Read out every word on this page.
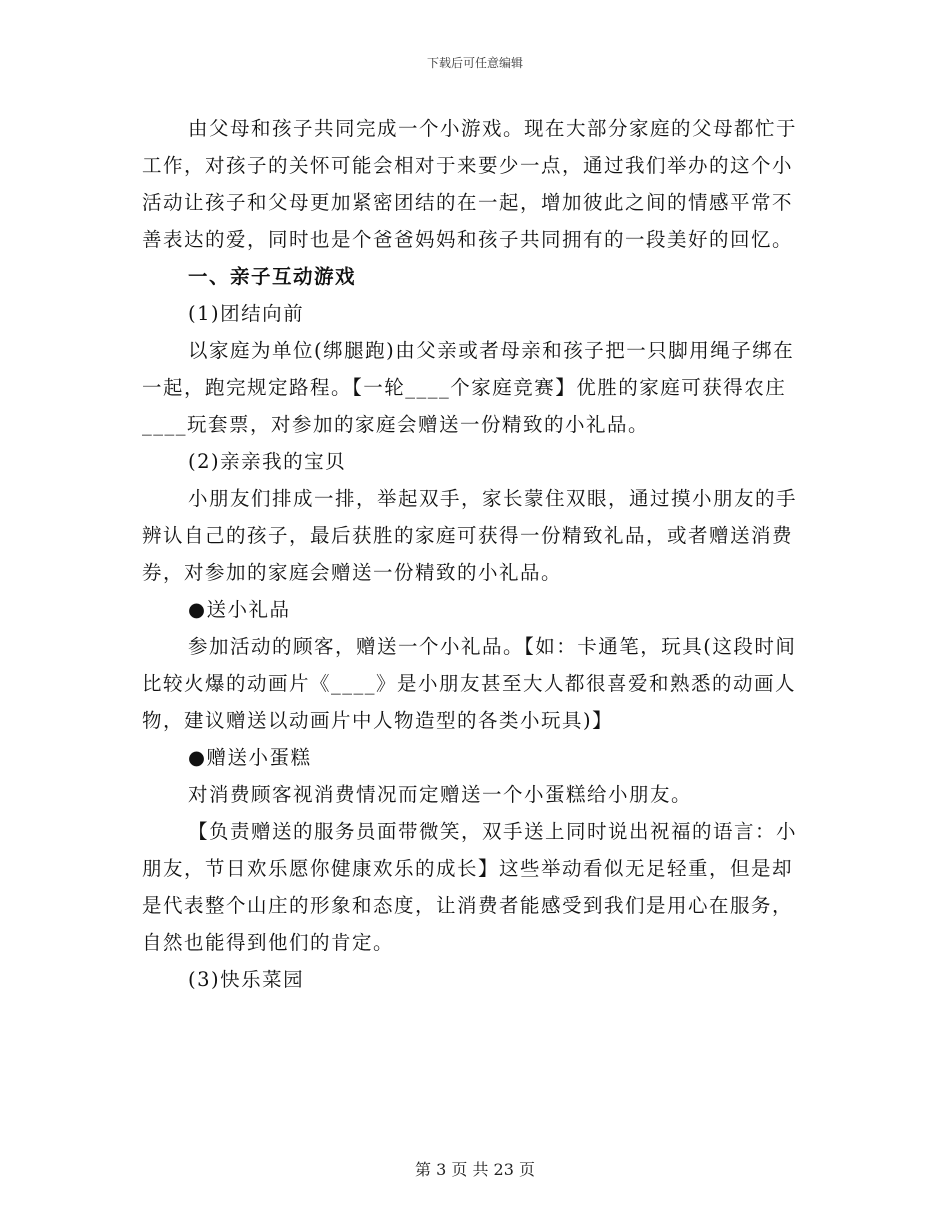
下载后可任意编辑

由父母和孩子共同完成一个小游戏。现在大部分家庭的父母都忙于工作，对孩子的关怀可能会相对于来要少一点，通过我们举办的这个小活动让孩子和父母更加紧密团结的在一起，增加彼此之间的情感平常不善表达的爱，同时也是个爸爸妈妈和孩子共同拥有的一段美好的回忆。

一、亲子互动游戏

(1)团结向前

以家庭为单位(绑腿跑)由父亲或者母亲和孩子把一只脚用绳子绑在一起，跑完规定路程。【一轮____个家庭竞赛】优胜的家庭可获得农庄____玩套票，对参加的家庭会赠送一份精致的小礼品。

(2)亲亲我的宝贝

小朋友们排成一排，举起双手，家长蒙住双眼，通过摸小朋友的手辨认自己的孩子，最后获胜的家庭可获得一份精致礼品，或者赠送消费券，对参加的家庭会赠送一份精致的小礼品。

●送小礼品

参加活动的顾客，赠送一个小礼品。【如：卡通笔，玩具(这段时间比较火爆的动画片《____》是小朋友甚至大人都很喜爱和熟悉的动画人物，建议赠送以动画片中人物造型的各类小玩具)】

●赠送小蛋糕

对消费顾客视消费情况而定赠送一个小蛋糕给小朋友。

【负责赠送的服务员面带微笑，双手送上同时说出祝福的语言：小朋友，节日欢乐愿你健康欢乐的成长】这些举动看似无足轻重，但是却是代表整个山庄的形象和态度，让消费者能感受到我们是用心在服务，自然也能得到他们的肯定。

(3)快乐菜园

第 3 页 共 23 页
